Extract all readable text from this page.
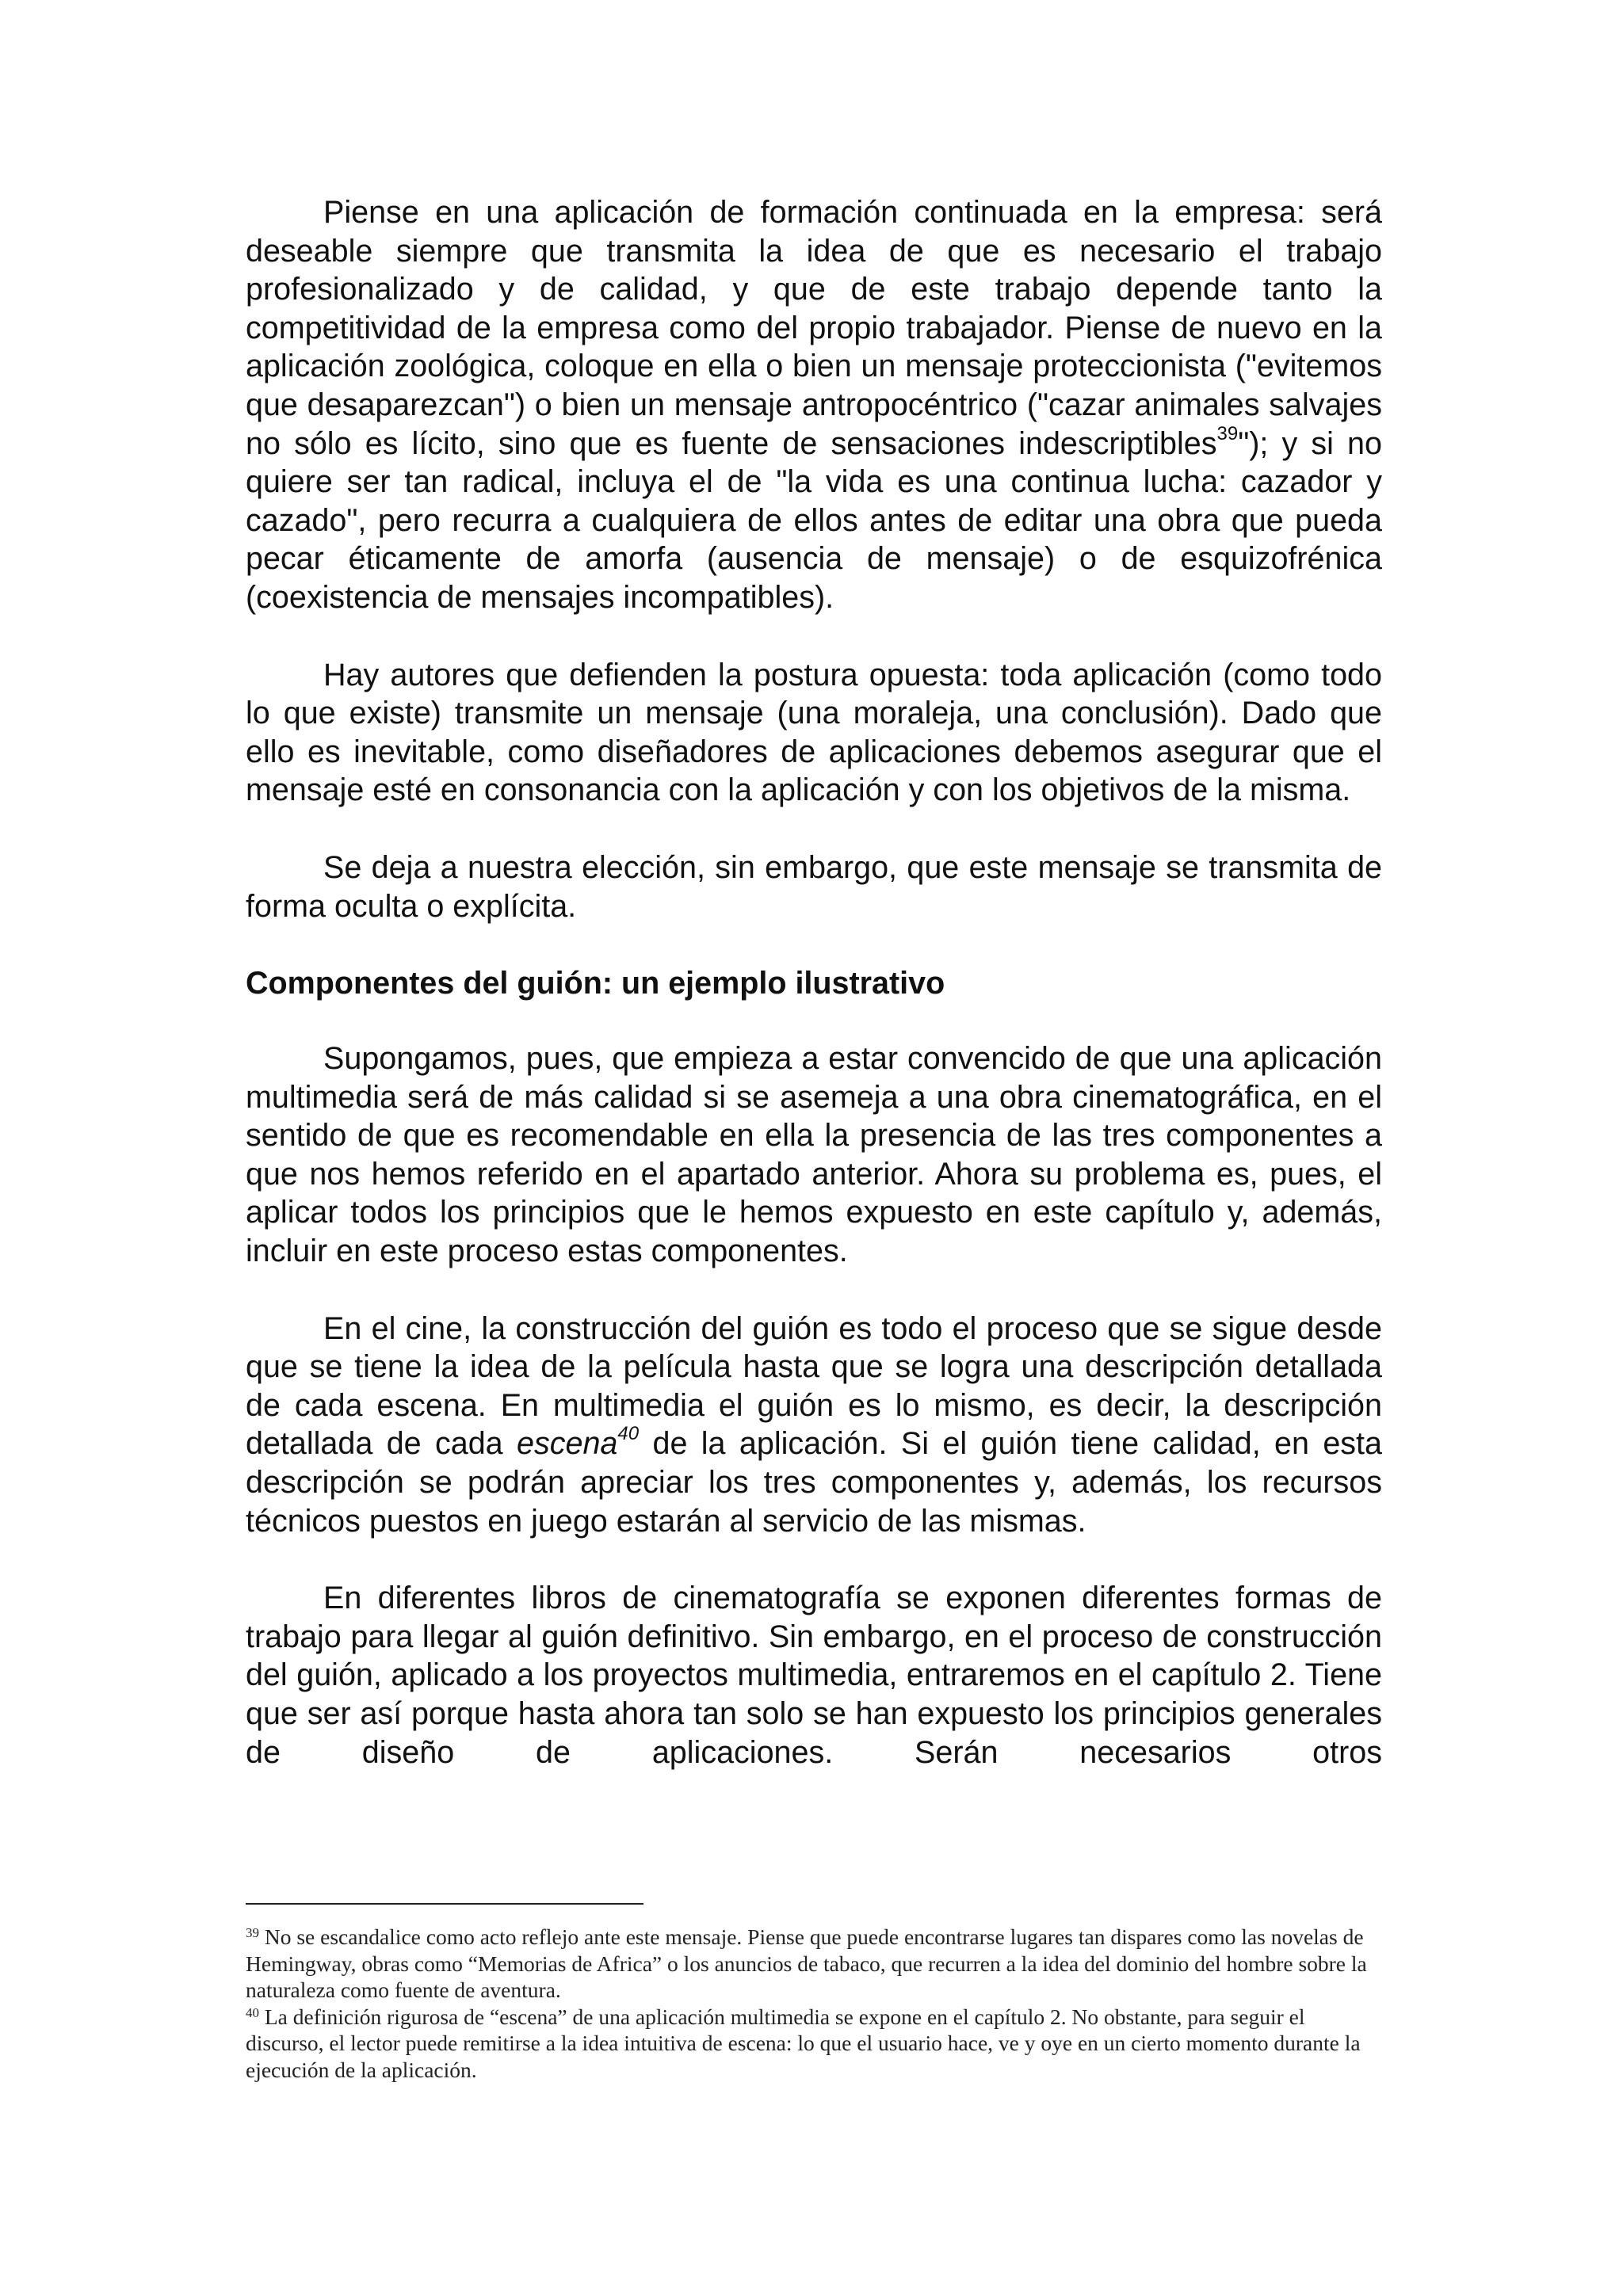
Piense en una aplicación de formación continuada en la empresa: será deseable siempre que transmita la idea de que es necesario el trabajo profesionalizado y de calidad, y que de este trabajo depende tanto la competitividad de la empresa como del propio trabajador. Piense de nuevo en la aplicación zoológica, coloque en ella o bien un mensaje proteccionista ("evitemos que desaparezcan") o bien un mensaje antropocéntrico ("cazar animales salvajes no sólo es lícito, sino que es fuente de sensaciones indescriptibles$^{39}$"); y si no quiere ser tan radical, incluya el de "la vida es una continua lucha: cazador y cazado", pero recurra a cualquiera de ellos antes de editar una obra que pueda pecar éticamente de amorfa (ausencia de mensaje) o de esquizofrénica (coexistencia de mensajes incompatibles).

Hay autores que defienden la postura opuesta: toda aplicación (como todo lo que existe) transmite un mensaje (una moraleja, una conclusión). Dado que ello es inevitable, como diseñadores de aplicaciones debemos asegurar que el mensaje esté en consonancia con la aplicación y con los objetivos de la misma.

Se deja a nuestra elección, sin embargo, que este mensaje se transmita de forma oculta o explícita.

Componentes del guión: un ejemplo ilustrativo

Supongamos, pues, que empieza a estar convencido de que una aplicación multimedia será de más calidad si se asemeja a una obra cinematográfica, en el sentido de que es recomendable en ella la presencia de las tres componentes a que nos hemos referido en el apartado anterior. Ahora su problema es, pues, el aplicar todos los principios que le hemos expuesto en este capítulo y, además, incluir en este proceso estas componentes.

En el cine, la construcción del guión es todo el proceso que se sigue desde que se tiene la idea de la película hasta que se logra una descripción detallada de cada escena. En multimedia el guión es lo mismo, es decir, la descripción detallada de cada escena$^{40}$ de la aplicación. Si el guión tiene calidad, en esta descripción se podrán apreciar los tres componentes y, además, los recursos técnicos puestos en juego estarán al servicio de las mismas.

En diferentes libros de cinematografía se exponen diferentes formas de trabajo para llegar al guión definitivo. Sin embargo, en el proceso de construcción del guión, aplicado a los proyectos multimedia, entraremos en el capítulo 2. Tiene que ser así porque hasta ahora tan solo se han expuesto los principios generales de diseño de aplicaciones. Serán necesarios otros

$^{39}$ No se escandalice como acto reflejo ante este mensaje. Piense que puede encontrarse lugares tan dispares como las novelas de Hemingway, obras como “Memorias de Africa” o los anuncios de tabaco, que recurren a la idea del dominio del hombre sobre la naturaleza como fuente de aventura.

$^{40}$ La definición rigurosa de “escena” de una aplicación multimedia se expone en el capítulo 2. No obstante, para seguir el discurso, el lector puede remitirse a la idea intuitiva de escena: lo que el usuario hace, ve y oye en un cierto momento durante la ejecución de la aplicación.
